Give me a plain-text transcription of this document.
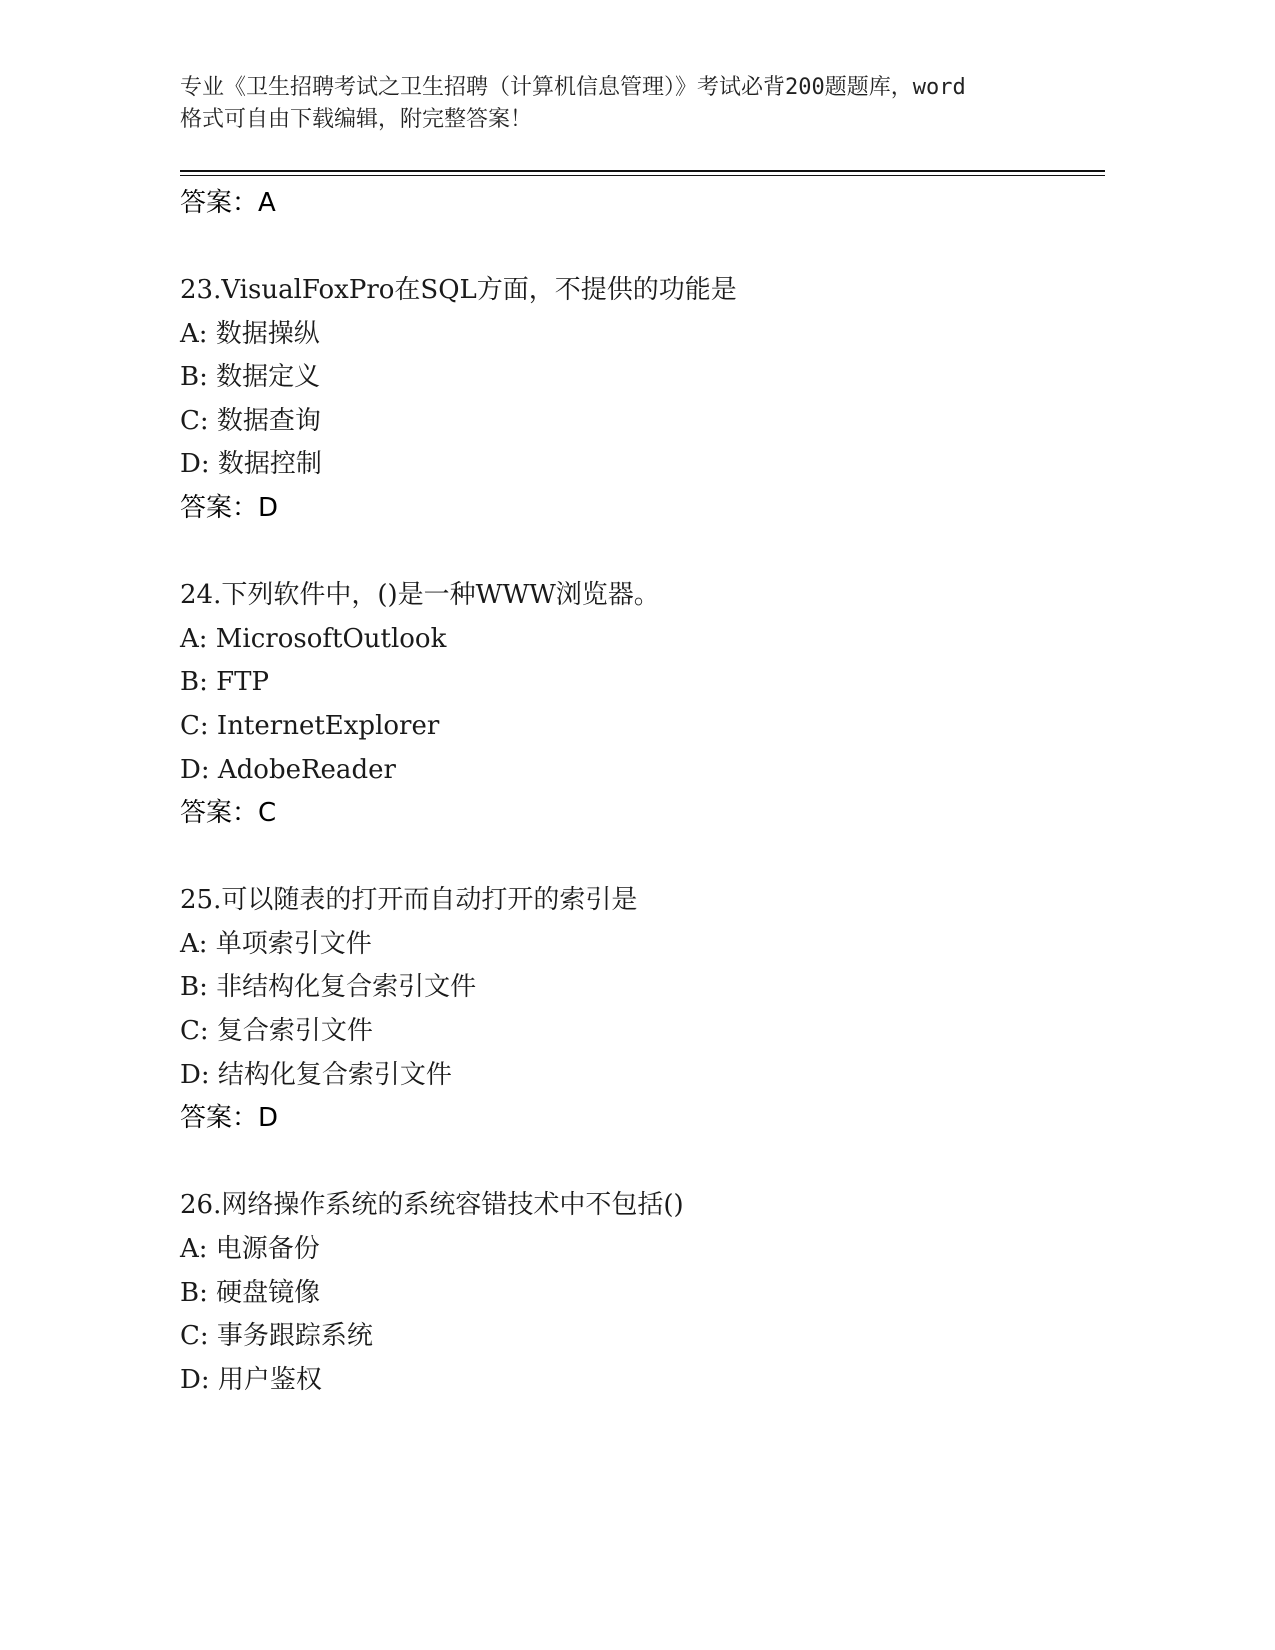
专业《卫生招聘考试之卫生招聘（计算机信息管理）》考试必背200题题库，word
格式可自由下载编辑，附完整答案！
答案：A
23.VisualFoxPro在SQL方面，不提供的功能是
A: 数据操纵
B: 数据定义
C: 数据查询
D: 数据控制
答案：D
24.下列软件中，()是一种WWW浏览器。
A: MicrosoftOutlook
B: FTP
C: InternetExplorer
D: AdobeReader
答案：C
25.可以随表的打开而自动打开的索引是
A: 单项索引文件
B: 非结构化复合索引文件
C: 复合索引文件
D: 结构化复合索引文件
答案：D
26.网络操作系统的系统容错技术中不包括()
A: 电源备份
B: 硬盘镜像
C: 事务跟踪系统
D: 用户鉴权
